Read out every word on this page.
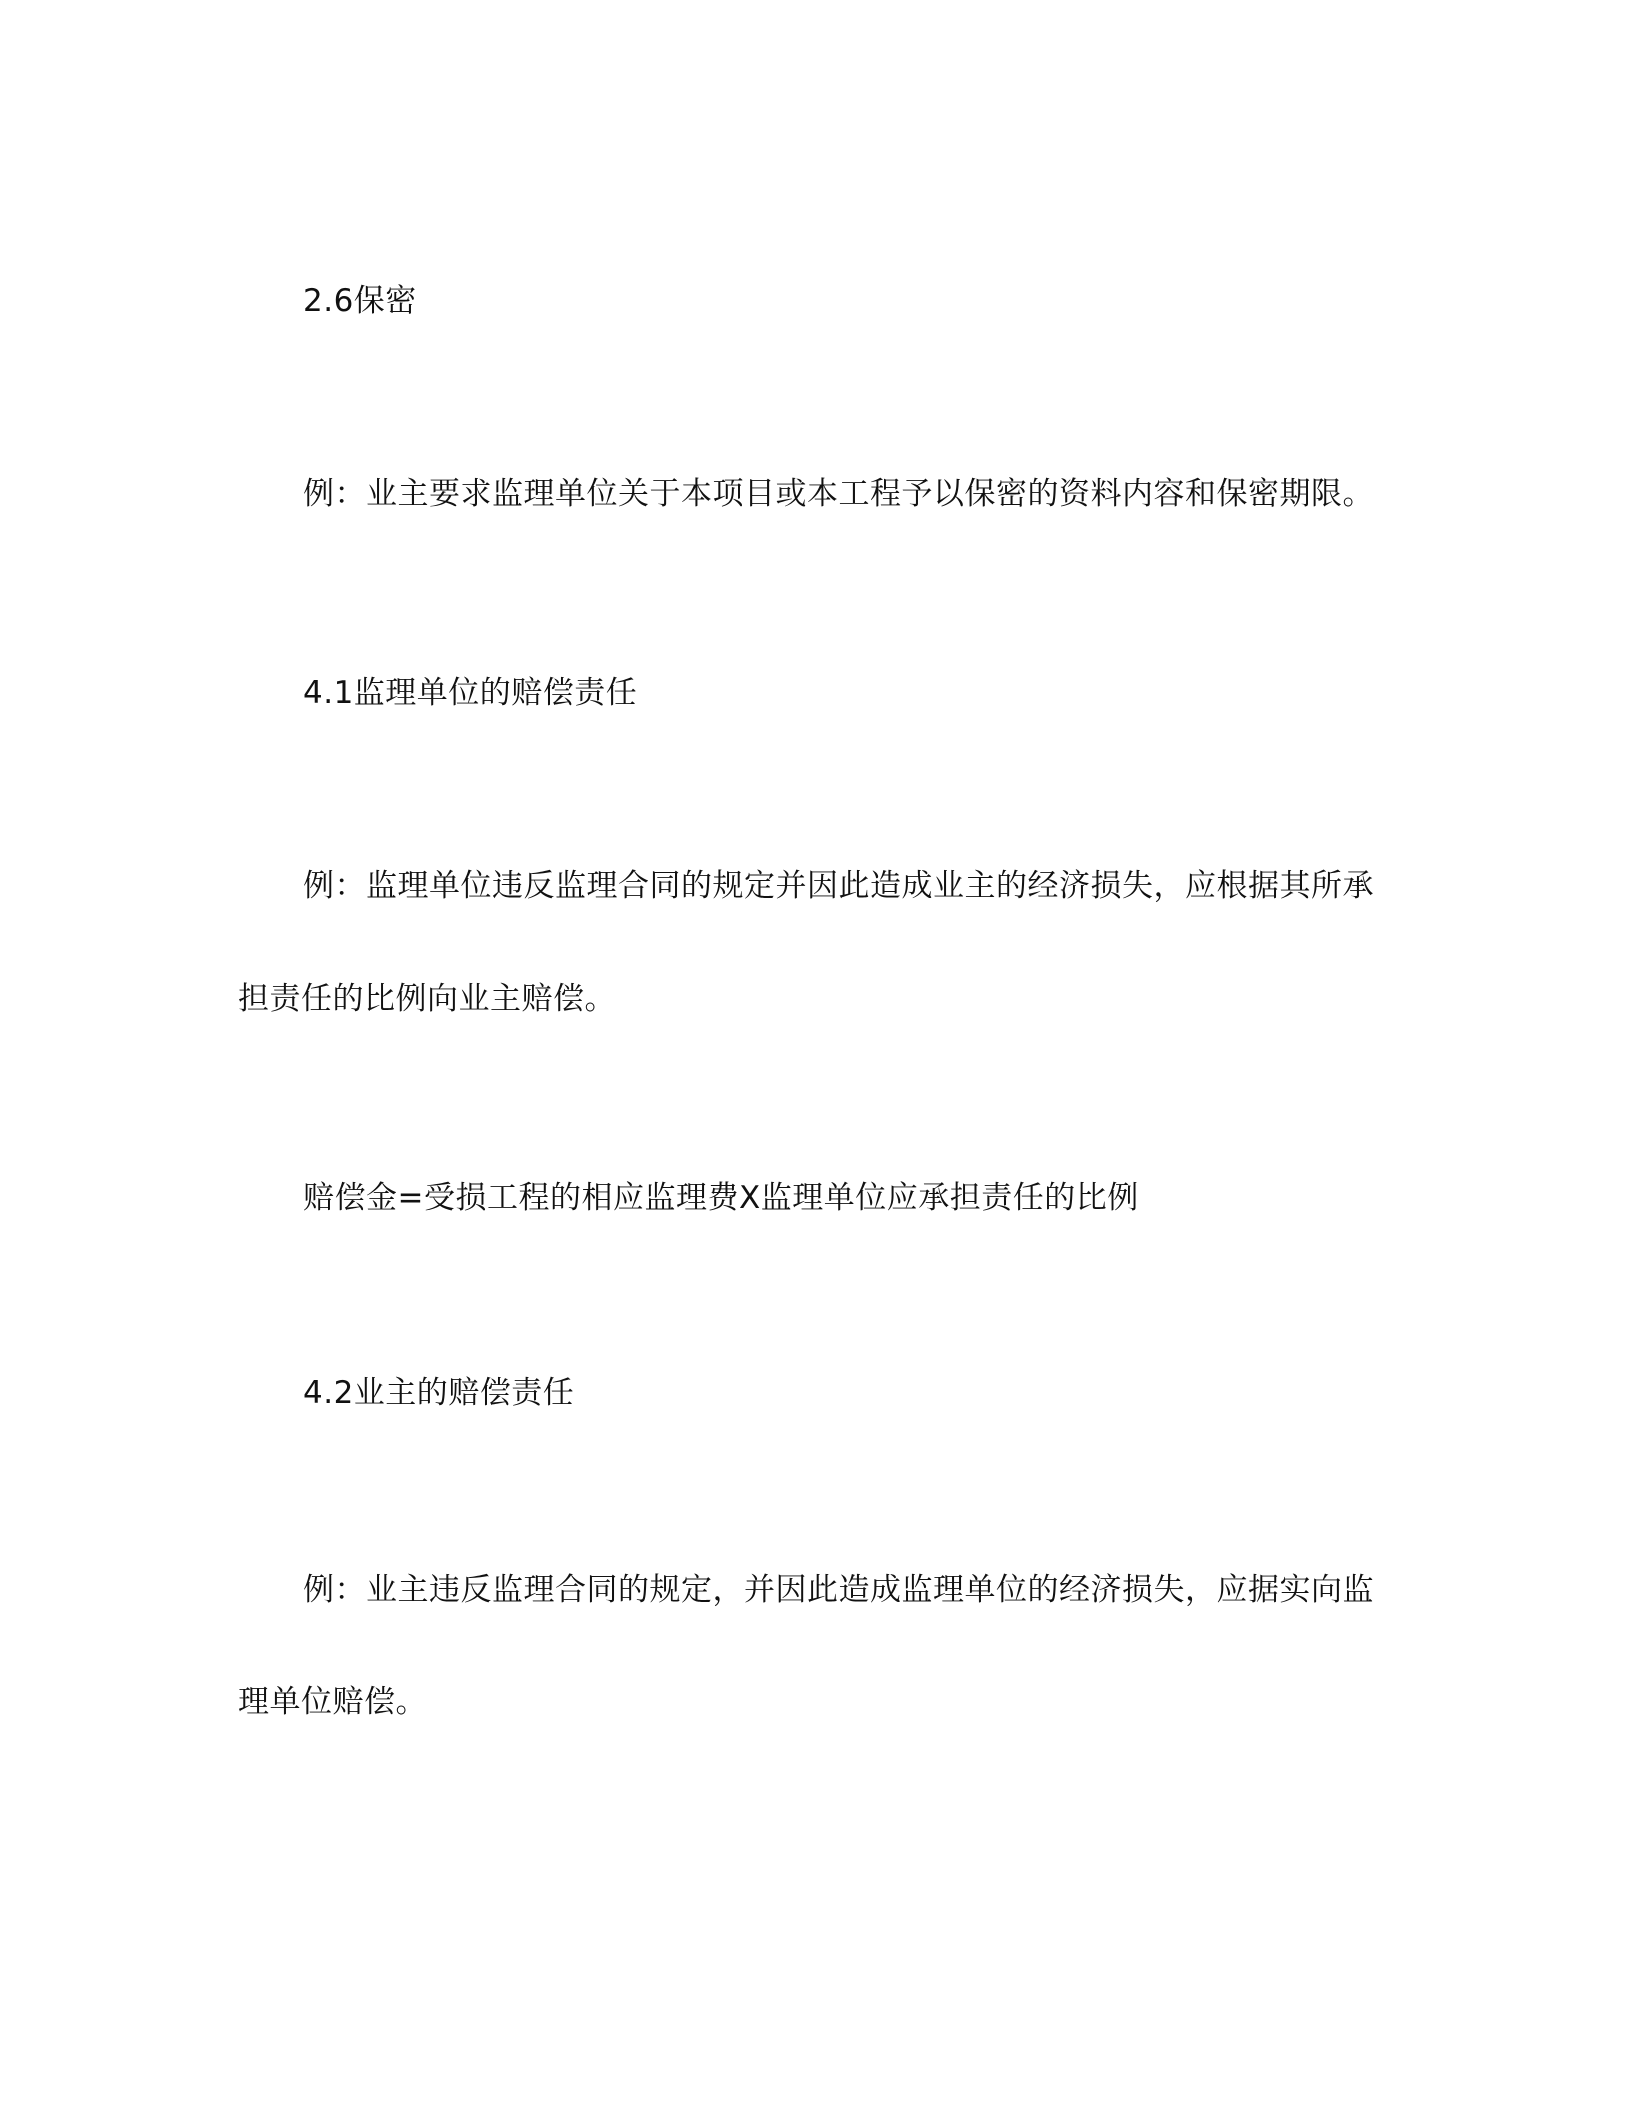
2.6保密
例：业主要求监理单位关于本项目或本工程予以保密的资料内容和保密期限。
4.1监理单位的赔偿责任
例：监理单位违反监理合同的规定并因此造成业主的经济损失，应根据其所承
担责任的比例向业主赔偿。
赔偿金=受损工程的相应监理费X监理单位应承担责任的比例
4.2业主的赔偿责任
例：业主违反监理合同的规定，并因此造成监理单位的经济损失，应据实向监
理单位赔偿。
